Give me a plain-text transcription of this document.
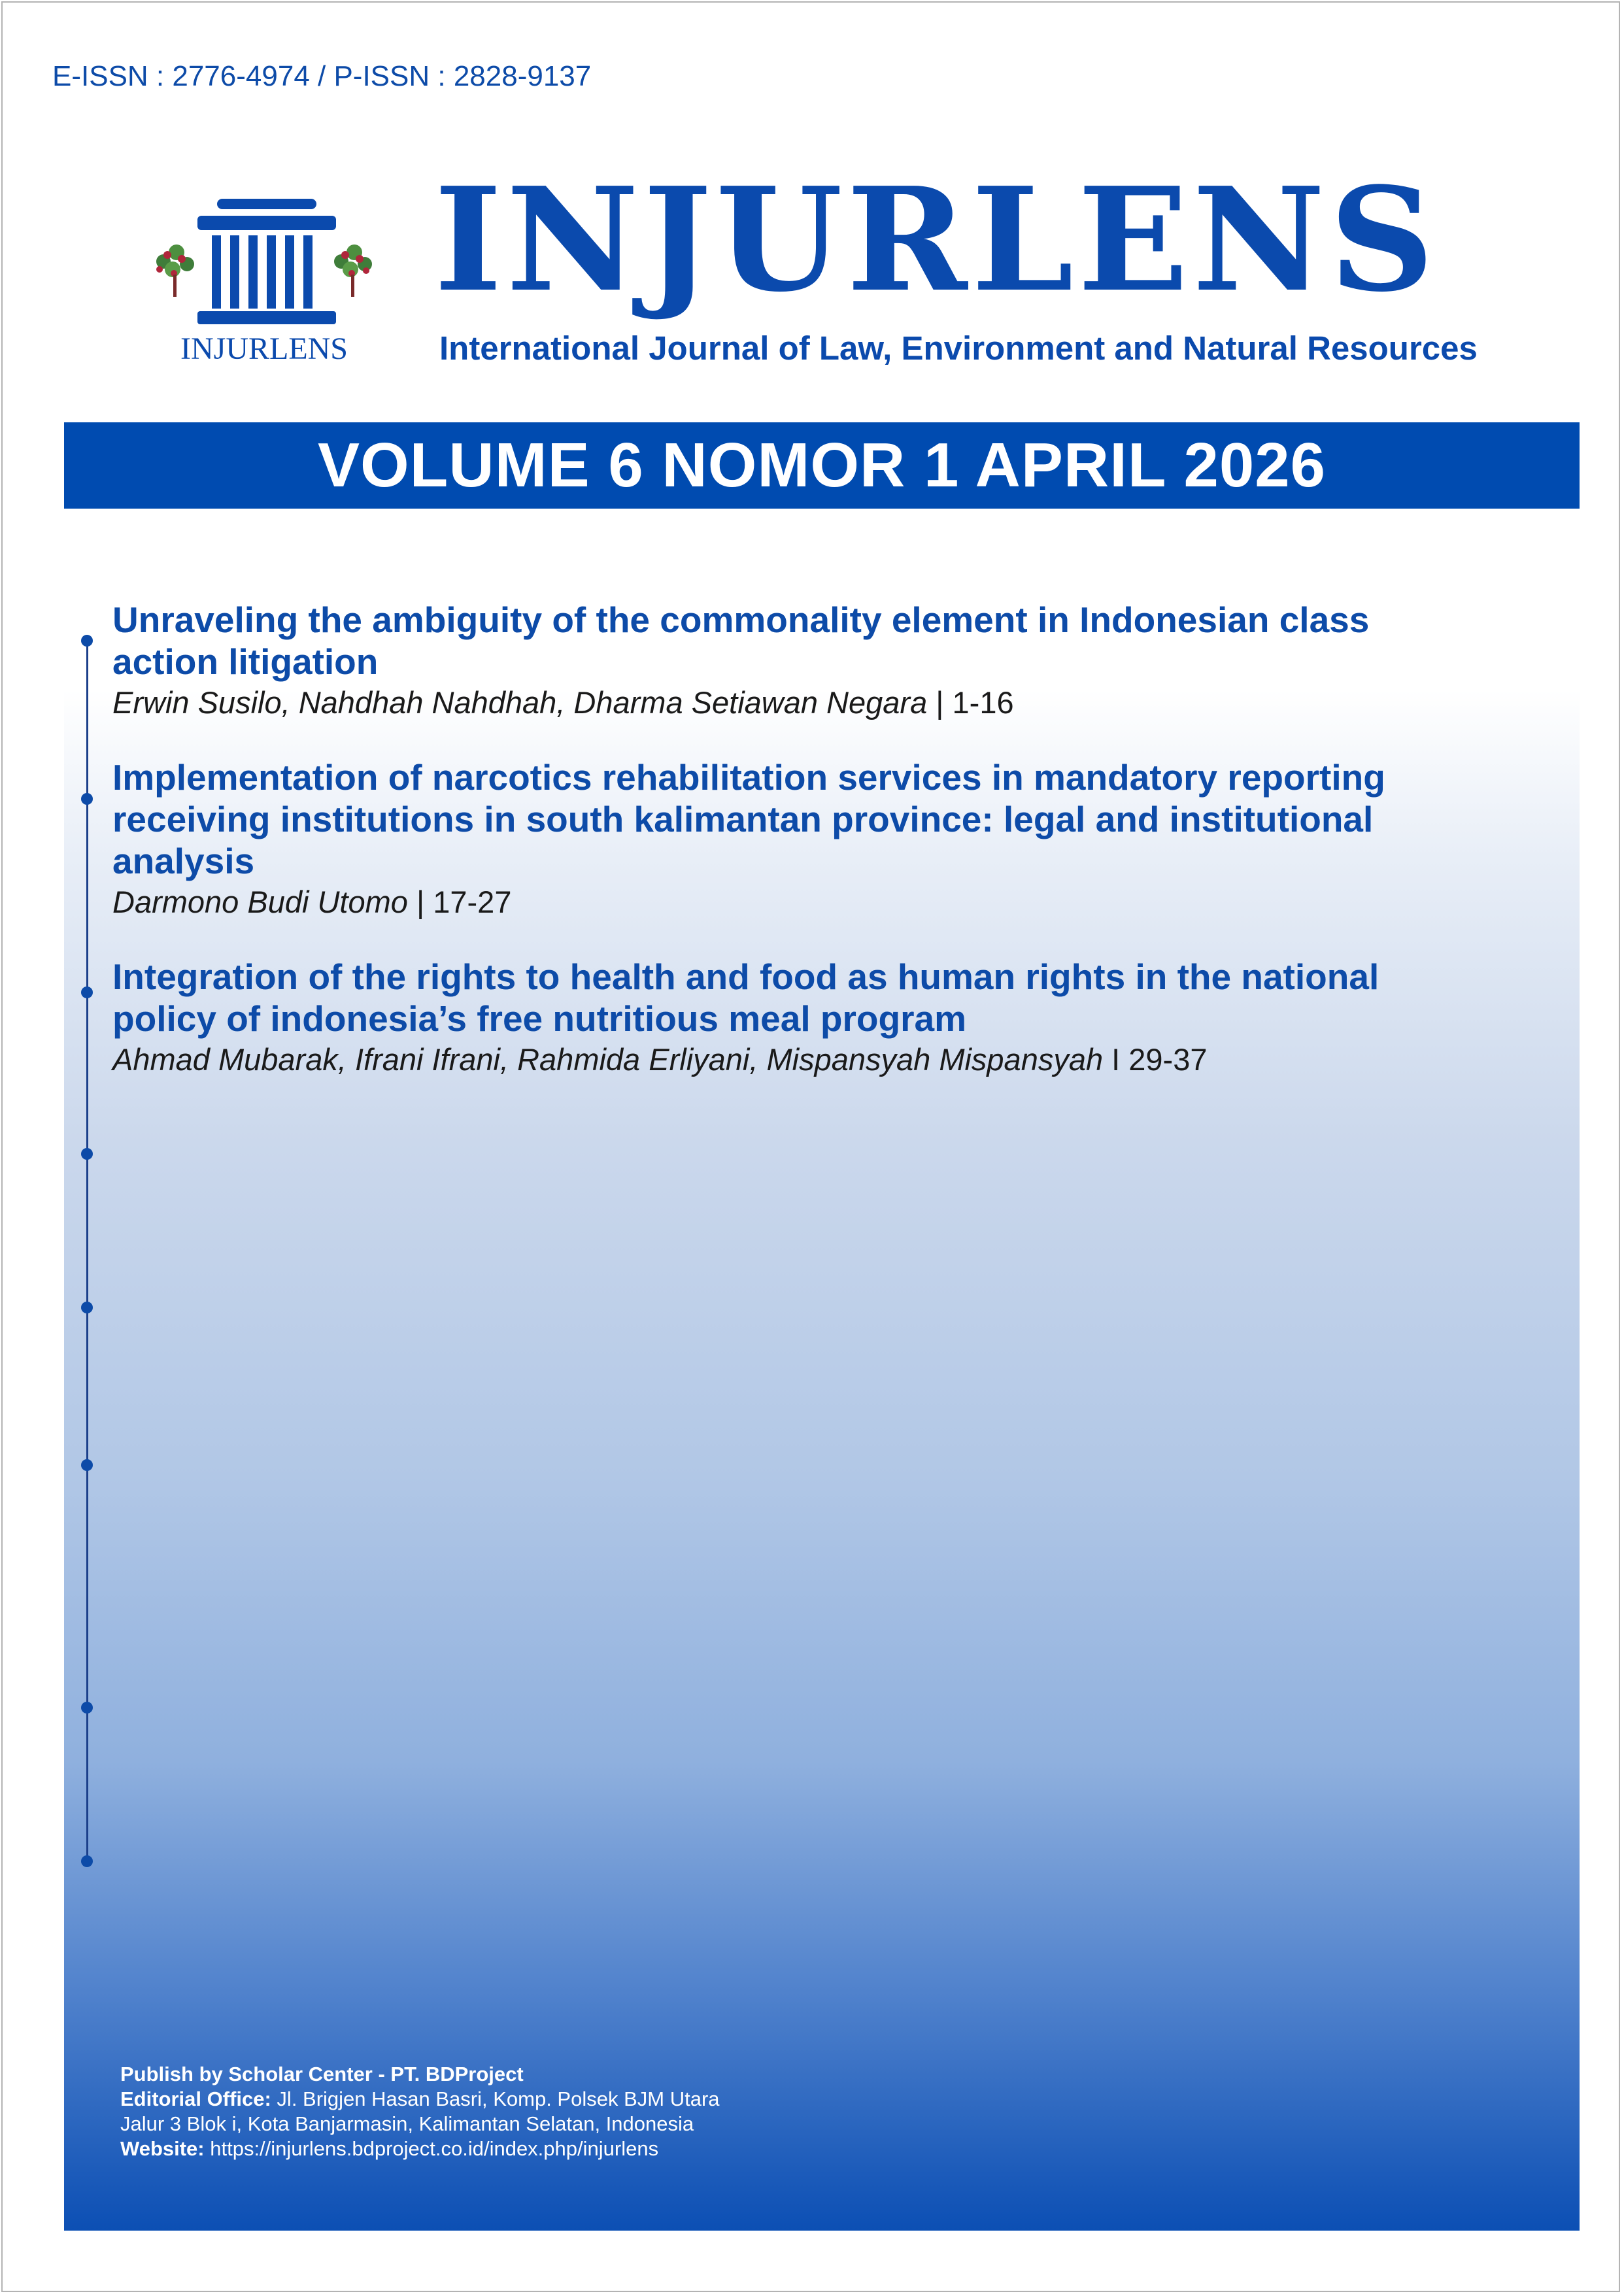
E-ISSN : 2776-4974 / P-ISSN : 2828-9137
INJURLENS
INJURLENS
International Journal of Law, Environment and Natural Resources
VOLUME 6 NOMOR 1 APRIL 2026
Unraveling the ambiguity of the commonality element in Indonesian class
action litigation
Erwin Susilo, Nahdhah Nahdhah, Dharma Setiawan Negara | 1-16
Implementation of narcotics rehabilitation services in mandatory reporting
receiving institutions in south kalimantan province: legal and institutional
analysis
Darmono Budi Utomo | 17-27
Integration of the rights to health and food as human rights in the national
policy of indonesia’s free nutritious meal program
Ahmad Mubarak, Ifrani Ifrani, Rahmida Erliyani, Mispansyah Mispansyah I 29-37
Publish by Scholar Center - PT. BDProject
Editorial Office: Jl. Brigjen Hasan Basri, Komp. Polsek BJM Utara
Jalur 3 Blok i, Kota Banjarmasin, Kalimantan Selatan, Indonesia
Website: https://injurlens.bdproject.co.id/index.php/injurlens
